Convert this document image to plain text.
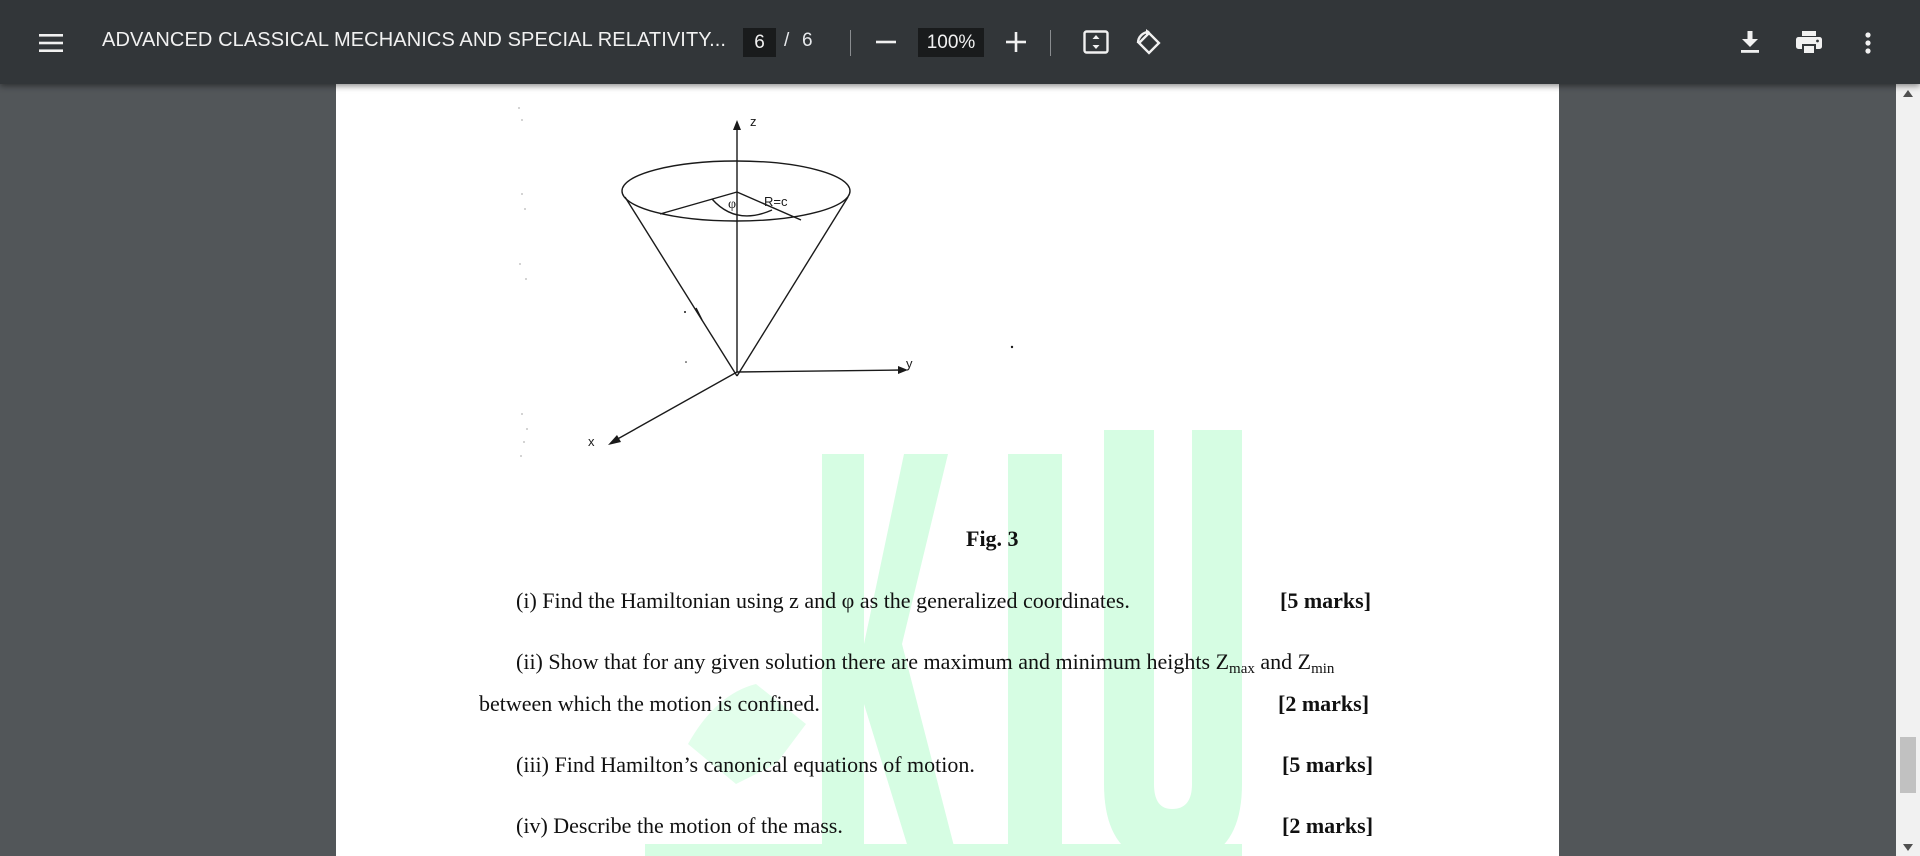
ADVANCED CLASSICAL MECHANICS AND SPECIAL RELATIVITY...	6	/ 6	100%
z
y
x
φ R=c
Fig. 3
(i) Find the Hamiltonian using z and φ as the generalized coordinates.	[5 marks]
(ii) Show that for any given solution there are maximum and minimum heights $Z_{max}$ and $Z_{min}$
between which the motion is confined.	[2 marks]
(iii) Find Hamilton’s canonical equations of motion.	[5 marks]
(iv) Describe the motion of the mass.	[2 marks]
